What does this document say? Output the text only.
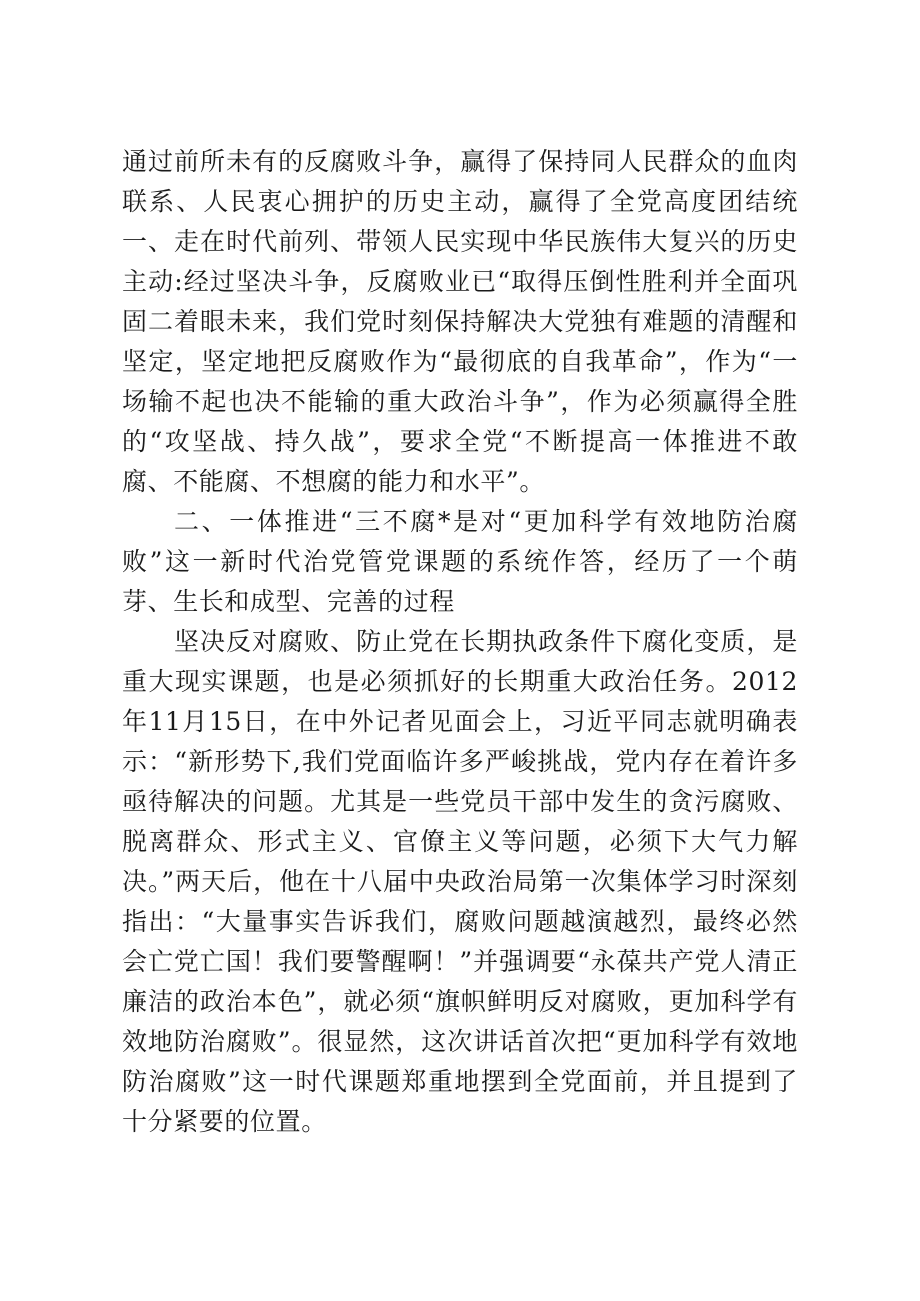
通过前所未有的反腐败斗争，赢得了保持同人民群众的血肉联系、人民衷心拥护的历史主动，赢得了全党高度团结统一、走在时代前列、带领人民实现中华民族伟大复兴的历史主动:经过坚决斗争，反腐败业已“取得压倒性胜利并全面巩固二着眼未来，我们党时刻保持解决大党独有难题的清醒和坚定，坚定地把反腐败作为“最彻底的自我革命”，作为“一场输不起也决不能输的重大政治斗争”，作为必须赢得全胜的“攻坚战、持久战”，要求全党“不断提高一体推进不敢腐、不能腐、不想腐的能力和水平”。

二、一体推进“三不腐*是对“更加科学有效地防治腐败”这一新时代治党管党课题的系统作答，经历了一个萌芽、生长和成型、完善的过程

坚决反对腐败、防止党在长期执政条件下腐化变质，是重大现实课题，也是必须抓好的长期重大政治任务。2012年11月15日，在中外记者见面会上，习近平同志就明确表示：“新形势下,我们党面临许多严峻挑战，党内存在着许多亟待解决的问题。尤其是一些党员干部中发生的贪污腐败、脱离群众、形式主义、官僚主义等问题，必须下大气力解决。”两天后，他在十八届中央政治局第一次集体学习时深刻指出：“大量事实告诉我们，腐败问题越演越烈，最终必然会亡党亡国！我们要警醒啊！”并强调要“永葆共产党人清正廉洁的政治本色”，就必须“旗帜鲜明反对腐败，更加科学有效地防治腐败”。很显然，这次讲话首次把“更加科学有效地防治腐败”这一时代课题郑重地摆到全党面前，并且提到了十分紧要的位置。
